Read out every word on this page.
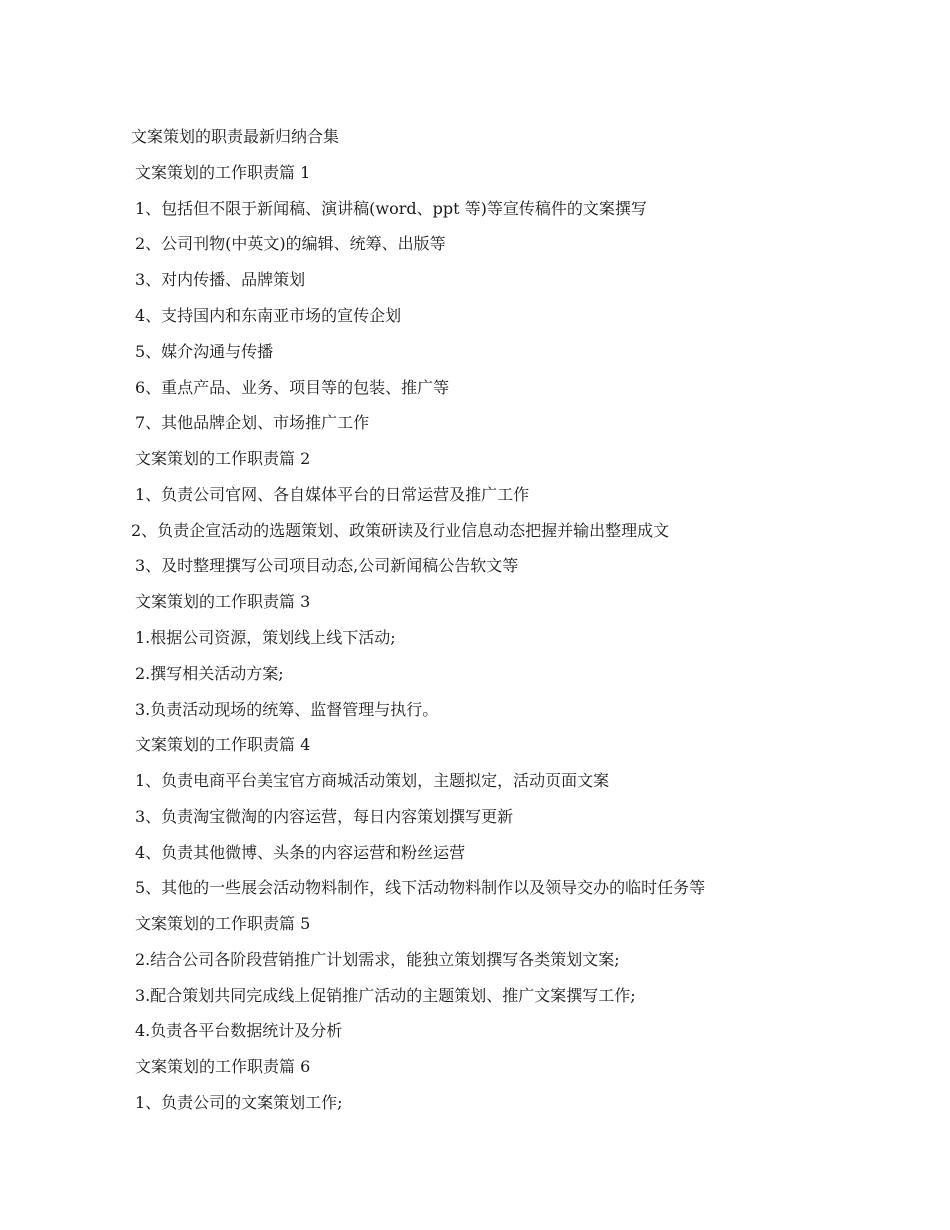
文案策划的职责最新归纳合集
文案策划的工作职责篇 1
1、包括但不限于新闻稿、演讲稿(word、ppt 等)等宣传稿件的文案撰写
2、公司刊物(中英文)的编辑、统筹、出版等
3、对内传播、品牌策划
4、支持国内和东南亚市场的宣传企划
5、媒介沟通与传播
6、重点产品、业务、项目等的包装、推广等
7、其他品牌企划、市场推广工作
文案策划的工作职责篇 2
1、负责公司官网、各自媒体平台的日常运营及推广工作
2、负责企宣活动的选题策划、政策研读及行业信息动态把握并输出整理成文
3、及时整理撰写公司项目动态,公司新闻稿公告软文等
文案策划的工作职责篇 3
1.根据公司资源，策划线上线下活动;
2.撰写相关活动方案;
3.负责活动现场的统筹、监督管理与执行。
文案策划的工作职责篇 4
1、负责电商平台美宝官方商城活动策划，主题拟定，活动页面文案
3、负责淘宝微淘的内容运营，每日内容策划撰写更新
4、负责其他微博、头条的内容运营和粉丝运营
5、其他的一些展会活动物料制作，线下活动物料制作以及领导交办的临时任务等
文案策划的工作职责篇 5
2.结合公司各阶段营销推广计划需求，能独立策划撰写各类策划文案;
3.配合策划共同完成线上促销推广活动的主题策划、推广文案撰写工作;
4.负责各平台数据统计及分析
文案策划的工作职责篇 6
1、负责公司的文案策划工作;
